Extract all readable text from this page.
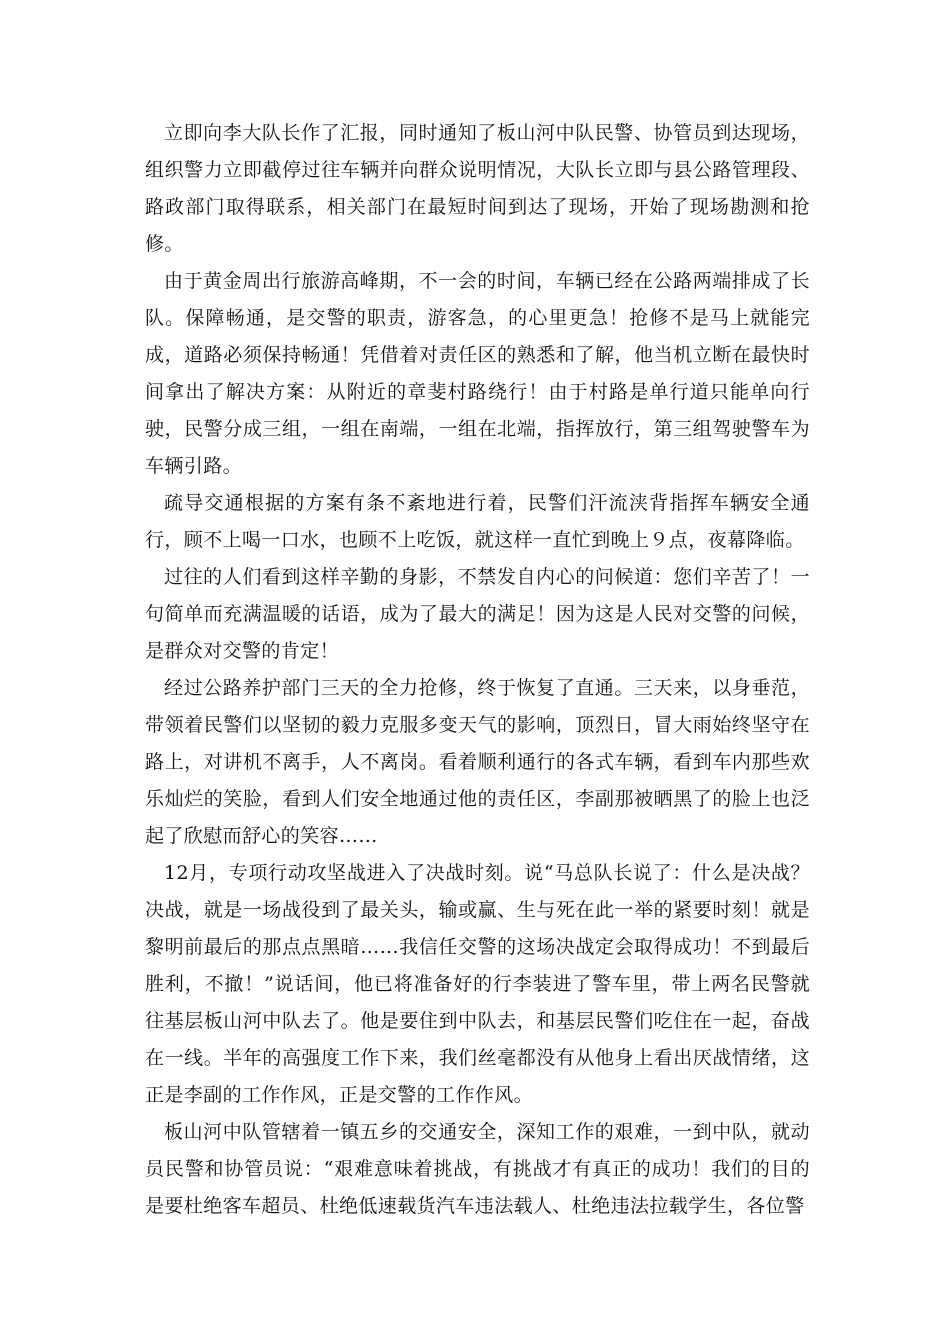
立即向李大队长作了汇报，同时通知了板山河中队民警、协管员到达现场，组织警力立即截停过往车辆并向群众说明情况，大队长立即与县公路管理段、路政部门取得联系，相关部门在最短时间到达了现场，开始了现场勘测和抢修。

由于黄金周出行旅游高峰期，不一会的时间，车辆已经在公路两端排成了长队。保障畅通，是交警的职责，游客急，的心里更急！抢修不是马上就能完成，道路必须保持畅通！凭借着对责任区的熟悉和了解，他当机立断在最快时间拿出了解决方案：从附近的章斐村路绕行！由于村路是单行道只能单向行驶，民警分成三组，一组在南端，一组在北端，指挥放行，第三组驾驶警车为车辆引路。

疏导交通根据的方案有条不紊地进行着，民警们汗流浃背指挥车辆安全通行，顾不上喝一口水，也顾不上吃饭，就这样一直忙到晚上９点，夜幕降临。

过往的人们看到这样辛勤的身影，不禁发自内心的问候道：您们辛苦了！一句简单而充满温暖的话语，成为了最大的满足！因为这是人民对交警的问候，是群众对交警的肯定！

经过公路养护部门三天的全力抢修，终于恢复了直通。三天来，以身垂范，带领着民警们以坚韧的毅力克服多变天气的影响，顶烈日，冒大雨始终坚守在路上，对讲机不离手，人不离岗。看着顺利通行的各式车辆，看到车内那些欢乐灿烂的笑脸，看到人们安全地通过他的责任区，李副那被晒黑了的脸上也泛起了欣慰而舒心的笑容……

12月，专项行动攻坚战进入了决战时刻。说“马总队长说了：什么是决战？决战，就是一场战役到了最关头，输或赢、生与死在此一举的紧要时刻！就是黎明前最后的那点点黑暗……我信任交警的这场决战定会取得成功！不到最后胜利，不撤！”说话间，他已将准备好的行李装进了警车里，带上两名民警就往基层板山河中队去了。他是要住到中队去，和基层民警们吃住在一起，奋战在一线。半年的高强度工作下来，我们丝毫都没有从他身上看出厌战情绪，这正是李副的工作作风，正是交警的工作作风。

板山河中队管辖着一镇五乡的交通安全，深知工作的艰难，一到中队，就动员民警和协管员说：“艰难意味着挑战，有挑战才有真正的成功！我们的目的是要杜绝客车超员、杜绝低速载货汽车违法载人、杜绝违法拉载学生，各位警
